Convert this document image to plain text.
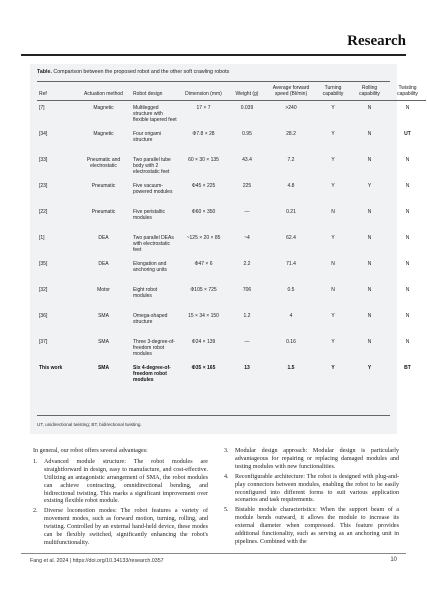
Research
Table. Comparison between the proposed robot and the other soft crawling robots
Ref	Actuation method	Robot design	Dimension (mm)	Weight (g)	Average forward speed (Bl/min)	Turning capability	Rolling capability	Twisting capability
[7]	Magnetic	Multilegged structure with flexible tapered feet	17 × 7	0.039	>240	Y	N	N
[34]	Magnetic	Four origami structure	Φ7.8 × 28	0.95	28.2	Y	N	UT
[33]	Pneumatic and electrostatic	Two parallel tube body with 2 electrostatic feet	60 × 30 × 135	43.4	7.2	Y	N	N
[23]	Pneumatic	Five vacuum-powered modules	Φ45 × 225	225	4.8	Y	Y	N
[22]	Pneumatic	Five peristaltic modules	Φ60 × 350	—	0.21	N	N	N
[1]	DEA	Two parallel DEAs with electrostatic feet	~125 × 20 × 85	~4	62.4	Y	N	N
[35]	DEA	Elongation and anchoring units	Φ47 × 6	2.2	71.4	N	N	N
[32]	Motor	Eight robot modules	Φ105 × 725	706	0.5	N	N	N
[36]	SMA	Omega-shaped structure	15 × 34 × 150	1.2	4	Y	N	N
[37]	SMA	Three 3-degree-of-freedom robot modules	Φ24 × 139	—	0.16	Y	N	N
This work	SMA	Six 4-degree-of-freedom robot modules	Φ35 × 165	13	1.5	Y	Y	BT
UT, unidirectional twisting; BT, bidirectional twisting.

In general, our robot offers several advantages:

1. Advanced module structure: The robot modules are straightforward in design, easy to manufacture, and cost-effective. Utilizing an antagonistic arrangement of SMA, the robot modules can achieve contracting, omnidirectional bending, and bidirectional twisting. This marks a significant improvement over existing flexible robot module.
2. Diverse locomotion modes: The robot features a variety of movement modes, such as forward motion, turning, rolling, and twisting. Controlled by an external hand-held device, these modes can be flexibly switched, significantly enhancing the robot's multifunctionality.
3. Modular design approach: Modular design is particularly advantageous for repairing or replacing damaged modules and testing modules with new functionalities.
4. Reconfigurable architecture: The robot is designed with plug-and-play connectors between modules, enabling the robot to be easily reconfigured into different forms to suit various application scenarios and task requirements.
5. Bistable module characteristics: When the support beam of a module bends outward, it allows the module to increase its external diameter when compressed. This feature provides additional functionality, such as serving as an anchoring unit in pipelines. Combined with the
Fang et al. 2024 | https://doi.org/10.34133/research.0357	10
